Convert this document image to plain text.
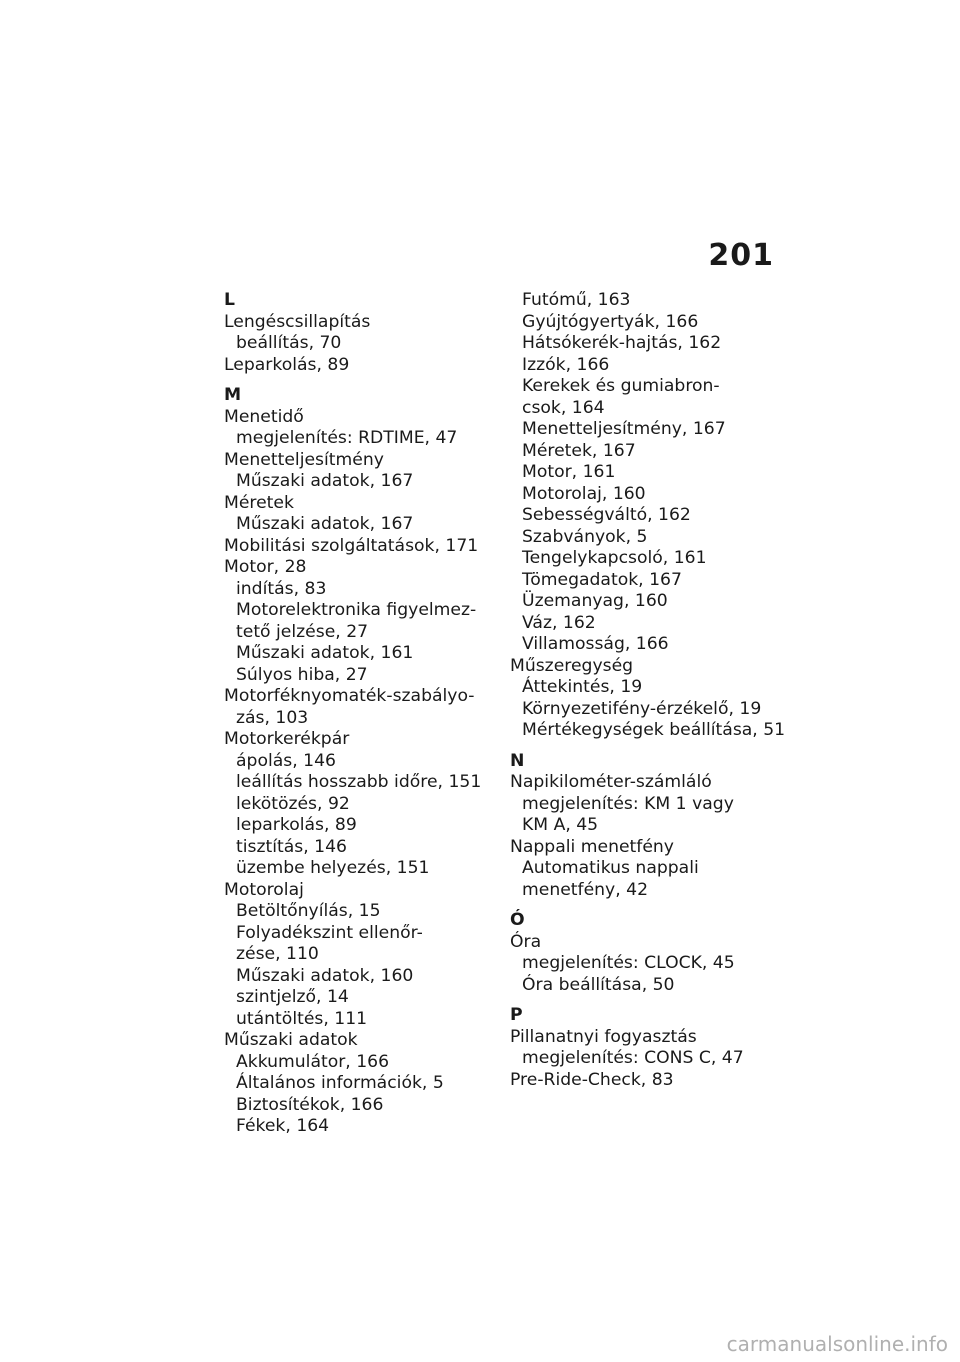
201
L
Lengéscsillapítás
beállítás, 70
Leparkolás, 89
M
Menetidő
megjelenítés: RDTIME, 47
Menetteljesítmény
Műszaki adatok, 167
Méretek
Műszaki adatok, 167
Mobilitási szolgáltatások, 171
Motor, 28
indítás, 83
Motorelektronika figyelmez-
tető jelzése, 27
Műszaki adatok, 161
Súlyos hiba, 27
Motorféknyomaték-szabályo-
zás, 103
Motorkerékpár
ápolás, 146
leállítás hosszabb időre, 151
lekötözés, 92
leparkolás, 89
tisztítás, 146
üzembe helyezés, 151
Motorolaj
Betöltőnyílás, 15
Folyadékszint ellenőr-
zése, 110
Műszaki adatok, 160
szintjelző, 14
utántöltés, 111
Műszaki adatok
Akkumulátor, 166
Általános információk, 5
Biztosítékok, 166
Fékek, 164
Futómű, 163
Gyújtógyertyák, 166
Hátsókerék-hajtás, 162
Izzók, 166
Kerekek és gumiabron-
csok, 164
Menetteljesítmény, 167
Méretek, 167
Motor, 161
Motorolaj, 160
Sebességváltó, 162
Szabványok, 5
Tengelykapcsoló, 161
Tömegadatok, 167
Üzemanyag, 160
Váz, 162
Villamosság, 166
Műszeregység
Áttekintés, 19
Környezetifény-érzékelő, 19
Mértékegységek beállítása, 51
N
Napikilométer-számláló
megjelenítés: KM 1 vagy
KM A, 45
Nappali menetfény
Automatikus nappali
menetfény, 42
Ó
Óra
megjelenítés: CLOCK, 45
Óra beállítása, 50
P
Pillanatnyi fogyasztás
megjelenítés: CONS C, 47
Pre-Ride-Check, 83
carmanualsonline.info
